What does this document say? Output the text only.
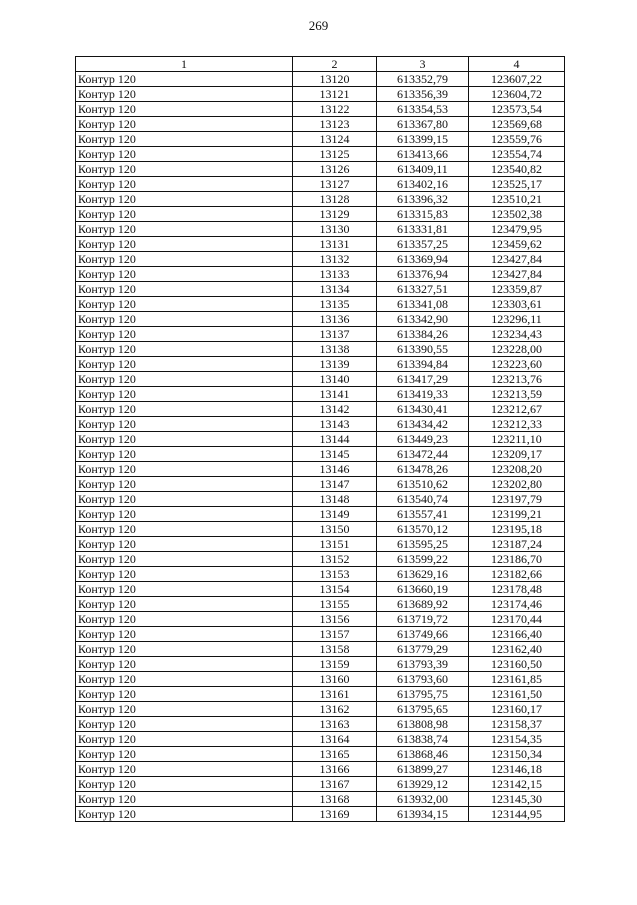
269
1	2	3	4
Контур 120	13120	613352,79	123607,22
Контур 120	13121	613356,39	123604,72
Контур 120	13122	613354,53	123573,54
Контур 120	13123	613367,80	123569,68
Контур 120	13124	613399,15	123559,76
Контур 120	13125	613413,66	123554,74
Контур 120	13126	613409,11	123540,82
Контур 120	13127	613402,16	123525,17
Контур 120	13128	613396,32	123510,21
Контур 120	13129	613315,83	123502,38
Контур 120	13130	613331,81	123479,95
Контур 120	13131	613357,25	123459,62
Контур 120	13132	613369,94	123427,84
Контур 120	13133	613376,94	123427,84
Контур 120	13134	613327,51	123359,87
Контур 120	13135	613341,08	123303,61
Контур 120	13136	613342,90	123296,11
Контур 120	13137	613384,26	123234,43
Контур 120	13138	613390,55	123228,00
Контур 120	13139	613394,84	123223,60
Контур 120	13140	613417,29	123213,76
Контур 120	13141	613419,33	123213,59
Контур 120	13142	613430,41	123212,67
Контур 120	13143	613434,42	123212,33
Контур 120	13144	613449,23	123211,10
Контур 120	13145	613472,44	123209,17
Контур 120	13146	613478,26	123208,20
Контур 120	13147	613510,62	123202,80
Контур 120	13148	613540,74	123197,79
Контур 120	13149	613557,41	123199,21
Контур 120	13150	613570,12	123195,18
Контур 120	13151	613595,25	123187,24
Контур 120	13152	613599,22	123186,70
Контур 120	13153	613629,16	123182,66
Контур 120	13154	613660,19	123178,48
Контур 120	13155	613689,92	123174,46
Контур 120	13156	613719,72	123170,44
Контур 120	13157	613749,66	123166,40
Контур 120	13158	613779,29	123162,40
Контур 120	13159	613793,39	123160,50
Контур 120	13160	613793,60	123161,85
Контур 120	13161	613795,75	123161,50
Контур 120	13162	613795,65	123160,17
Контур 120	13163	613808,98	123158,37
Контур 120	13164	613838,74	123154,35
Контур 120	13165	613868,46	123150,34
Контур 120	13166	613899,27	123146,18
Контур 120	13167	613929,12	123142,15
Контур 120	13168	613932,00	123145,30
Контур 120	13169	613934,15	123144,95
